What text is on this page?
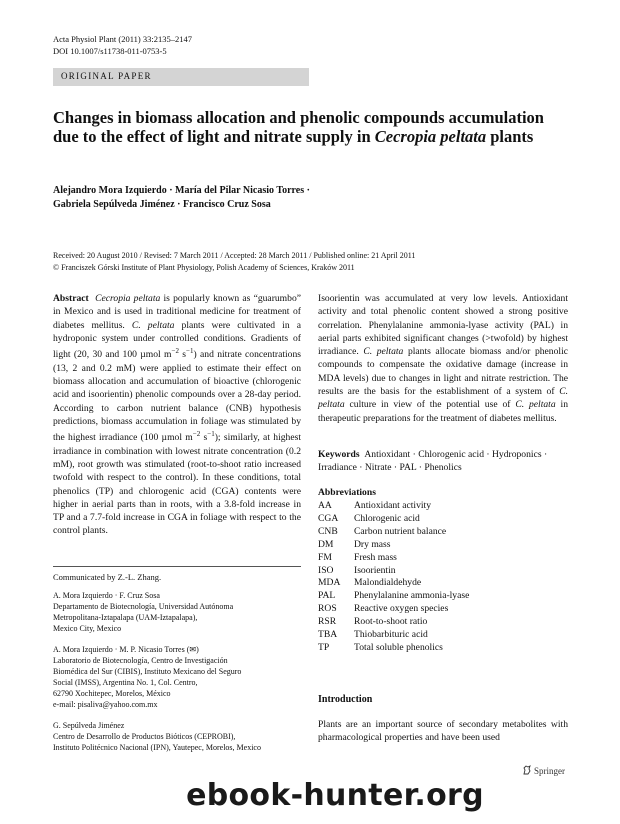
Acta Physiol Plant (2011) 33:2135–2147
DOI 10.1007/s11738-011-0753-5
ORIGINAL PAPER
Changes in biomass allocation and phenolic compounds accumulation due to the effect of light and nitrate supply in Cecropia peltata plants
Alejandro Mora Izquierdo · María del Pilar Nicasio Torres ·
Gabriela Sepúlveda Jiménez · Francisco Cruz Sosa
Received: 20 August 2010 / Revised: 7 March 2011 / Accepted: 28 March 2011 / Published online: 21 April 2011
© Franciszek Górski Institute of Plant Physiology, Polish Academy of Sciences, Kraków 2011

Abstract Cecropia peltata is popularly known as “guarumbo” in Mexico and is used in traditional medicine for treatment of diabetes mellitus. C. peltata plants were cultivated in a hydroponic system under controlled conditions. Gradients of light (20, 30 and 100 µmol $m^{-2}$ $s^{-1}$) and nitrate concentrations (13, 2 and 0.2 mM) were applied to estimate their effect on biomass allocation and accumulation of bioactive (chlorogenic acid and isoorientin) phenolic compounds over a 28-day period. According to carbon nutrient balance (CNB) hypothesis predictions, biomass accumulation in foliage was stimulated by the highest irradiance (100 µmol $m^{-2}$ $s^{-1}$); similarly, at highest irradiance in combination with lowest nitrate concentration (0.2 mM), root growth was stimulated (root-to-shoot ratio increased twofold with respect to the control). In these conditions, total phenolics (TP) and chlorogenic acid (CGA) contents were higher in aerial parts than in roots, with a 3.8-fold increase in TP and a 7.7-fold increase in CGA in foliage with respect to the control plants.

Communicated by Z.-L. Zhang.
A. Mora Izquierdo · F. Cruz Sosa
Departamento de Biotecnología, Universidad Autónoma
Metropolitana-Iztapalapa (UAM-Iztapalapa),
Mexico City, Mexico
A. Mora Izquierdo · M. P. Nicasio Torres (✉)
Laboratorio de Biotecnología, Centro de Investigación
Biomédica del Sur (CIBIS), Instituto Mexicano del Seguro
Social (IMSS), Argentina No. 1, Col. Centro,
62790 Xochitepec, Morelos, México
e-mail: pisaliva@yahoo.com.mx
G. Sepúlveda Jiménez
Centro de Desarrollo de Productos Bióticos (CEPROBI),
Instituto Politécnico Nacional (IPN), Yautepec, Morelos, Mexico

Isoorientin was accumulated at very low levels. Antioxidant activity and total phenolic content showed a strong positive correlation. Phenylalanine ammonia-lyase activity (PAL) in aerial parts exhibited significant changes (>twofold) by highest irradiance. C. peltata plants allocate biomass and/or phenolic compounds to compensate the oxidative damage (increase in MDA levels) due to changes in light and nitrate restriction. The results are the basis for the establishment of a system of C. peltata culture in view of the potential use of C. peltata in therapeutic preparations for the treatment of diabetes mellitus.

Keywords Antioxidant · Chlorogenic acid · Hydroponics · Irradiance · Nitrate · PAL · Phenolics
Abbreviations
AA	Antioxidant activity
CGA	Chlorogenic acid
CNB	Carbon nutrient balance
DM	Dry mass
FM	Fresh mass
ISO	Isoorientin
MDA	Malondialdehyde
PAL	Phenylalanine ammonia-lyase
ROS	Reactive oxygen species
RSR	Root-to-shoot ratio
TBA	Thiobarbituric acid
TP	Total soluble phenolics
Introduction
Plants are an important source of secondary metabolites with pharmacological properties and have been used
Springer
ebook-hunter.org
